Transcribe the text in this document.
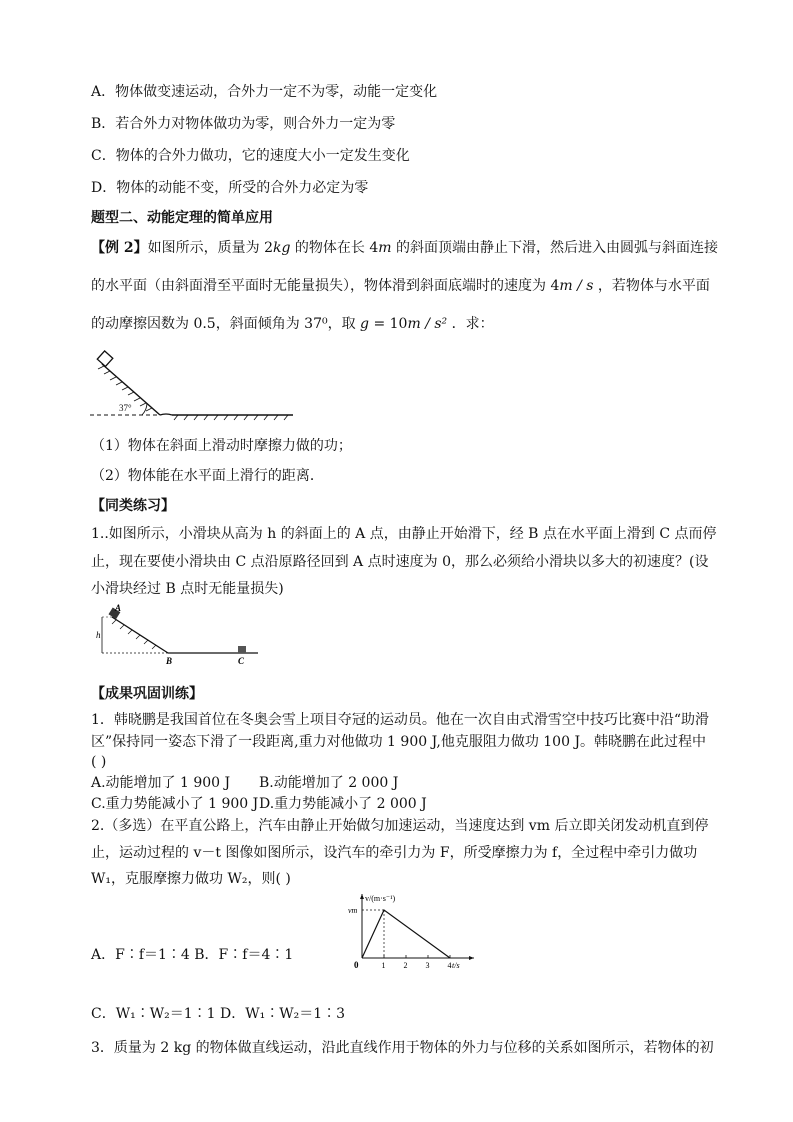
A．物体做变速运动，合外力一定不为零，动能一定变化
B．若合外力对物体做功为零，则合外力一定为零
C．物体的合外力做功，它的速度大小一定发生变化
D．物体的动能不变，所受的合外力必定为零
题型二、动能定理的简单应用
【例 2】如图所示，质量为 2kg 的物体在长 4m 的斜面顶端由静止下滑，然后进入由圆弧与斜面连接
的水平面（由斜面滑至平面时无能量损失），物体滑到斜面底端时的速度为 4m / s ，若物体与水平面
的动摩擦因数为 0.5，斜面倾角为 37⁰，取 g = 10m / s² ．求：
37°
（1）物体在斜面上滑动时摩擦力做的功；
（2）物体能在水平面上滑行的距离．
【同类练习】
1..如图所示，小滑块从高为 h 的斜面上的 A 点，由静止开始滑下，经 B 点在水平面上滑到 C 点而停
止，现在要使小滑块由 C 点沿原路径回到 A 点时速度为 0，那么必须给小滑块以多大的初速度？(设
小滑块经过 B 点时无能量损失)
A
h
B	C
【成果巩固训练】
1．韩晓鹏是我国首位在冬奥会雪上项目夺冠的运动员。他在一次自由式滑雪空中技巧比赛中沿“助滑
区”保持同一姿态下滑了一段距离,重力对他做功 1 900 J,他克服阻力做功 100 J。韩晓鹏在此过程中
( )
A.动能增加了 1 900 J B.动能增加了 2 000 J
C.重力势能减小了 1 900 J D.重力势能减小了 2 000 J
2.（多选）在平直公路上，汽车由静止开始做匀加速运动，当速度达到 vm 后立即关闭发动机直到停
止，运动过程的 v－t 图像如图所示，设汽车的牵引力为 F，所受摩擦力为 f，全过程中牵引力做功
W₁，克服摩擦力做功 W₂，则( )
v/(m·s⁻¹)
vm
0	1 2 3 4 t/s
A．F∶f＝1∶4 B．F∶f＝4∶1
C．W₁∶W₂＝1∶1 D．W₁∶W₂＝1∶3
3．质量为 2 kg 的物体做直线运动，沿此直线作用于物体的外力与位移的关系如图所示，若物体的初
